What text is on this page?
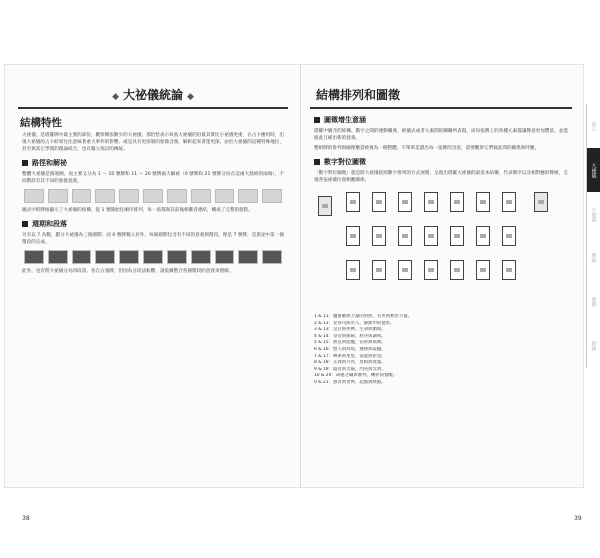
◆ 大祕儀統論 ◆
結構特性

大祕儀，是塔羅牌中最主要的部份，觀察總張數少的大祕儀，那恰恰表示每張大祕儀的份量其實比小祕儀更重，在占卜應用時，出現大祕儀的占卜結果往往意味著重大事件的影響，或是具有更深層的象徵含義，解析起來著墨更深。由於大祕儀的這種特殊地位，甚至與其它學派的理論結合，也有獨立探討的傳統。

路徑和解祕

整體大祕儀是個迴圈，而主要又分為 1 ～ 10 號牌和 11 ～ 20 號牌兩大解祕（0 號牌和 21 號牌分居在這兩大群組的兩端），不同階段有其不同的象徵意義。

圖式中的牌組顯示了大祕儀的結構，從 1 號開始往順序排列，每一張都與其前後相鄰者連結，構成了完整的旅程。

週期和段落

另有以 7 為數，劃分大祕儀為三個週期；而 0 號牌獨立於外，每個週期包含有不同的意義與階段，像是 7 號牌，是旅途中第一個階段的完成。

此外，也有將大祕儀分為四段落、各自五張牌，但因為分段法較難，請依據整合各個階段的意義來理解。

38
結構排列和圖徵
圖徵增生意涵

塔羅中圖含的結構、數字之間的連動關係，被儀式或者元素間的關聯所表現，而每張牌上的各種元素都讓牌意更加豐富，並能彼此互補出新的意義。

整組牌的排列與圖像應當被視為一個整體，不單單是讀出每一張牌的含意，還要觀察它們彼此間的關係與呼應。

數字對位圖徵

「數字對位圖徵」就是將大祕儀依照數字排列的方式展開，呈現出塔羅大祕儀的最基本結構，代表牌序以及相對應的牌組，呈現各張祕儀位置相應關係。

1 & 11：魔術師與力量的對照，有形與無形力量。
2 & 12：女祭司與吊人，靜默中的覺察。
3 & 13：皇后與死神，生命與循環。
4 & 14：皇帝與節制，秩序與調和。
5 & 15：教皇與惡魔，信仰與束縛。
6 & 16：戀人與高塔，選擇與震撼。
7 & 17：戰車與星星，前進與希望。
8 & 18：正義與月亮，真相與迷霧。
9 & 19：隱者與太陽，內省與光明。
10 & 20：命運之輪與審判，轉折與覺醒。
0 & 21：愚者與世界，起點與終點。
39
前言
大祕儀
小祕儀
牌陣
實例
附錄
